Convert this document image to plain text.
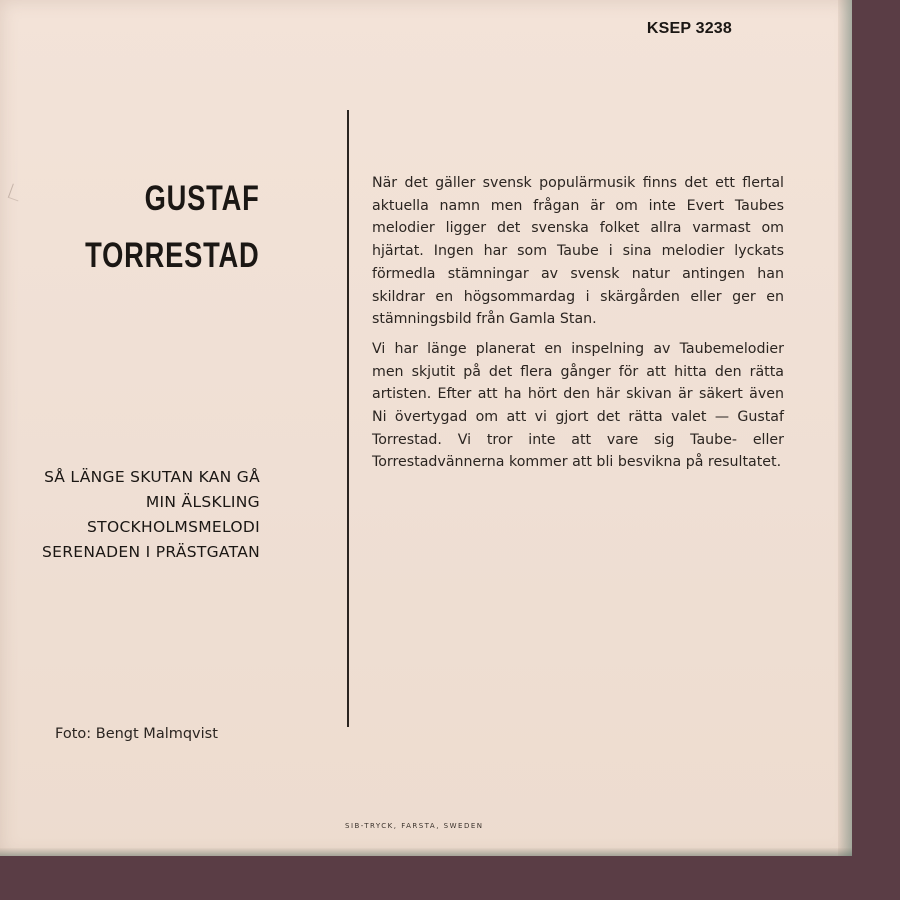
KSEP 3238
GUSTAF
TORRESTAD
SÅ LÄNGE SKUTAN KAN GÅ
MIN ÄLSKLING
STOCKHOLMSMELODI
SERENADEN I PRÄSTGATAN

När det gäller svensk populärmusik finns det ett flertal aktuella namn men frågan är om inte Evert Taubes melodier ligger det svenska folket allra varmast om hjärtat. Ingen har som Taube i sina melodier lyckats förmedla stämningar av svensk natur antingen han skildrar en högsommardag i skärgården eller ger en stämningsbild från Gamla Stan.

Vi har länge planerat en inspelning av Taubemelodier men skjutit på det flera gånger för att hitta den rätta artisten. Efter att ha hört den här skivan är säkert även Ni övertygad om att vi gjort det rätta valet — Gustaf Torrestad. Vi tror inte att vare sig Taube- eller Torrestadvännerna kommer att bli besvikna på resultatet.

Foto: Bengt Malmqvist
SIB-TRYCK, FARSTA, SWEDEN
